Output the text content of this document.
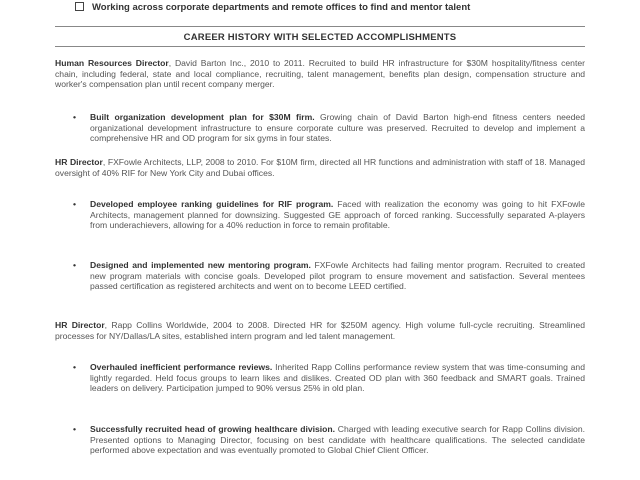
Working across corporate departments and remote offices to find and mentor talent
CAREER HISTORY WITH SELECTED ACCOMPLISHMENTS
Human Resources Director, David Barton Inc., 2010 to 2011. Recruited to build HR infrastructure for $30M hospitality/fitness center chain, including federal, state and local compliance, recruiting, talent management, benefits plan design, compensation structure and worker's compensation plan until recent company merger.
• Built organization development plan for $30M firm. Growing chain of David Barton high-end fitness centers needed organizational development infrastructure to ensure corporate culture was preserved. Recruited to develop and implement a comprehensive HR and OD program for six gyms in four states.
HR Director, FXFowle Architects, LLP, 2008 to 2010. For $10M firm, directed all HR functions and administration with staff of 18. Managed oversight of 40% RIF for New York City and Dubai offices.
• Developed employee ranking guidelines for RIF program. Faced with realization the economy was going to hit FXFowle Architects, management planned for downsizing. Suggested GE approach of forced ranking. Successfully separated A-players from underachievers, allowing for a 40% reduction in force to remain profitable.
• Designed and implemented new mentoring program. FXFowle Architects had failing mentor program. Recruited to created new program materials with concise goals. Developed pilot program to ensure movement and satisfaction. Several mentees passed certification as registered architects and went on to become LEED certified.
HR Director, Rapp Collins Worldwide, 2004 to 2008. Directed HR for $250M agency. High volume full-cycle recruiting. Streamlined processes for NY/Dallas/LA sites, established intern program and led talent management.
• Overhauled inefficient performance reviews. Inherited Rapp Collins performance review system that was time-consuming and lightly regarded. Held focus groups to learn likes and dislikes. Created OD plan with 360 feedback and SMART goals. Trained leaders on delivery. Participation jumped to 90% versus 25% in old plan.
• Successfully recruited head of growing healthcare division. Charged with leading executive search for Rapp Collins division. Presented options to Managing Director, focusing on best candidate with healthcare qualifications. The selected candidate performed above expectation and was eventually promoted to Global Chief Client Officer.
